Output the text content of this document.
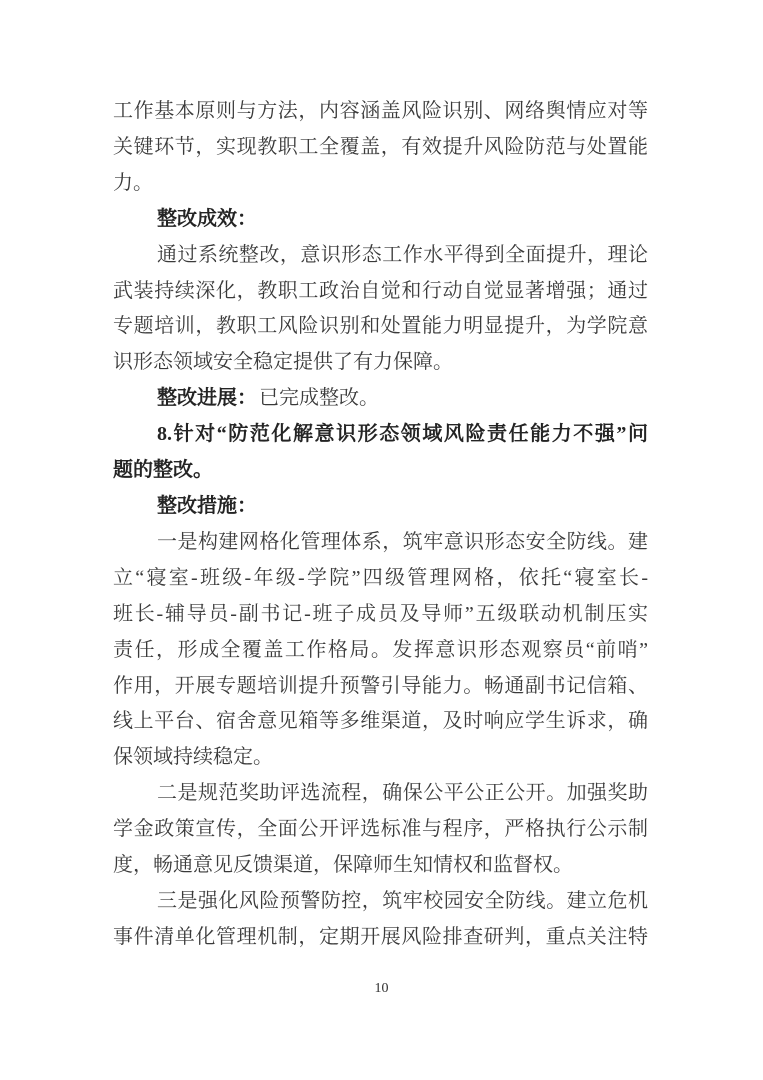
工作基本原则与方法，内容涵盖风险识别、网络舆情应对等
关键环节，实现教职工全覆盖，有效提升风险防范与处置能
力。
整改成效：
通过系统整改，意识形态工作水平得到全面提升，理论
武装持续深化，教职工政治自觉和行动自觉显著增强；通过
专题培训，教职工风险识别和处置能力明显提升，为学院意
识形态领域安全稳定提供了有力保障。
整改进展： 已完成整改。
8.针对“防范化解意识形态领域风险责任能力不强”问
题的整改。
整改措施：
一是构建网格化管理体系，筑牢意识形态安全防线。建
立“寝室-班级-年级-学院”四级管理网格，依托“寝室长-
班长-辅导员-副书记-班子成员及导师”五级联动机制压实
责任，形成全覆盖工作格局。发挥意识形态观察员“前哨”
作用，开展专题培训提升预警引导能力。畅通副书记信箱、
线上平台、宿舍意见箱等多维渠道，及时响应学生诉求，确
保领域持续稳定。
二是规范奖助评选流程，确保公平公正公开。加强奖助
学金政策宣传，全面公开评选标准与程序，严格执行公示制
度，畅通意见反馈渠道，保障师生知情权和监督权。
三是强化风险预警防控，筑牢校园安全防线。建立危机
事件清单化管理机制，定期开展风险排查研判，重点关注特
10
